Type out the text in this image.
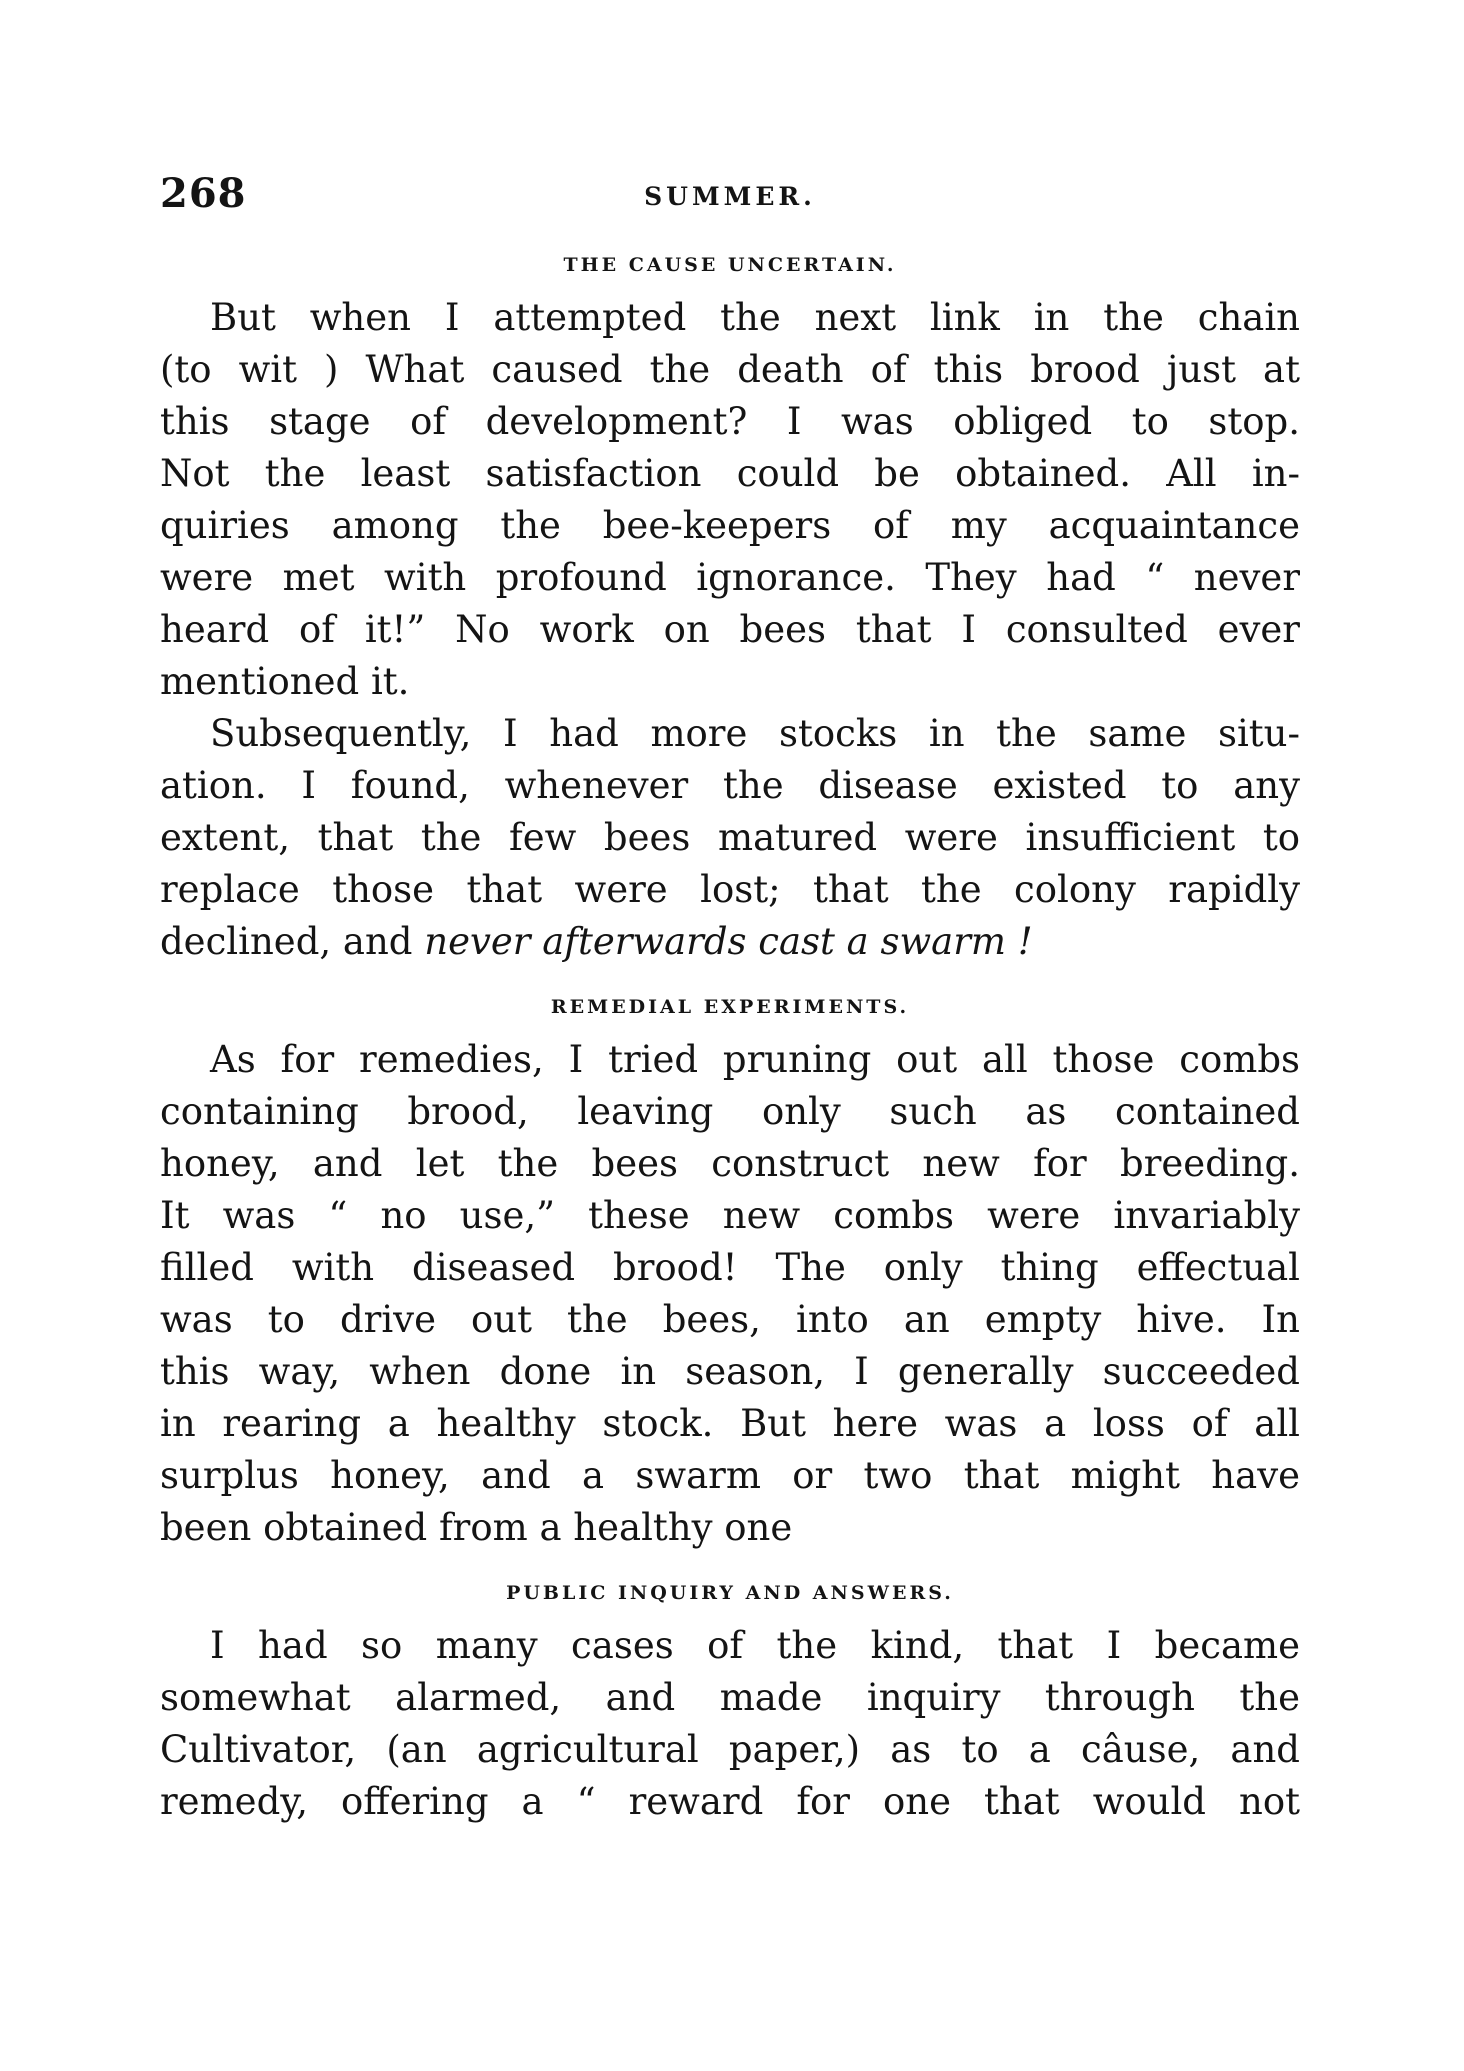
268	SUMMER.
THE CAUSE UNCERTAIN.
But when I attempted the next link in the chain
(to wit ) What caused the death of this brood just at
this stage of development? I was obliged to stop.
Not the least satisfaction could be obtained. All in-
quiries among the bee-keepers of my acquaintance
were met with profound ignorance. They had “ never
heard of it!” No work on bees that I consulted ever
mentioned it.
Subsequently, I had more stocks in the same situ-
ation. I found, whenever the disease existed to any
extent, that the few bees matured were insufficient to
replace those that were lost; that the colony rapidly
declined, and never afterwards cast a swarm !
REMEDIAL EXPERIMENTS.
As for remedies, I tried pruning out all those combs
containing brood, leaving only such as contained
honey, and let the bees construct new for breeding.
It was “ no use,” these new combs were invariably
filled with diseased brood! The only thing effectual
was to drive out the bees, into an empty hive. In
this way, when done in season, I generally succeeded
in rearing a healthy stock. But here was a loss of all
surplus honey, and a swarm or two that might have
been obtained from a healthy one
PUBLIC INQUIRY AND ANSWERS.
I had so many cases of the kind, that I became
somewhat alarmed, and made inquiry through the
Cultivator, (an agricultural paper,) as to a câuse, and
remedy, offering a “ reward for one that would not
